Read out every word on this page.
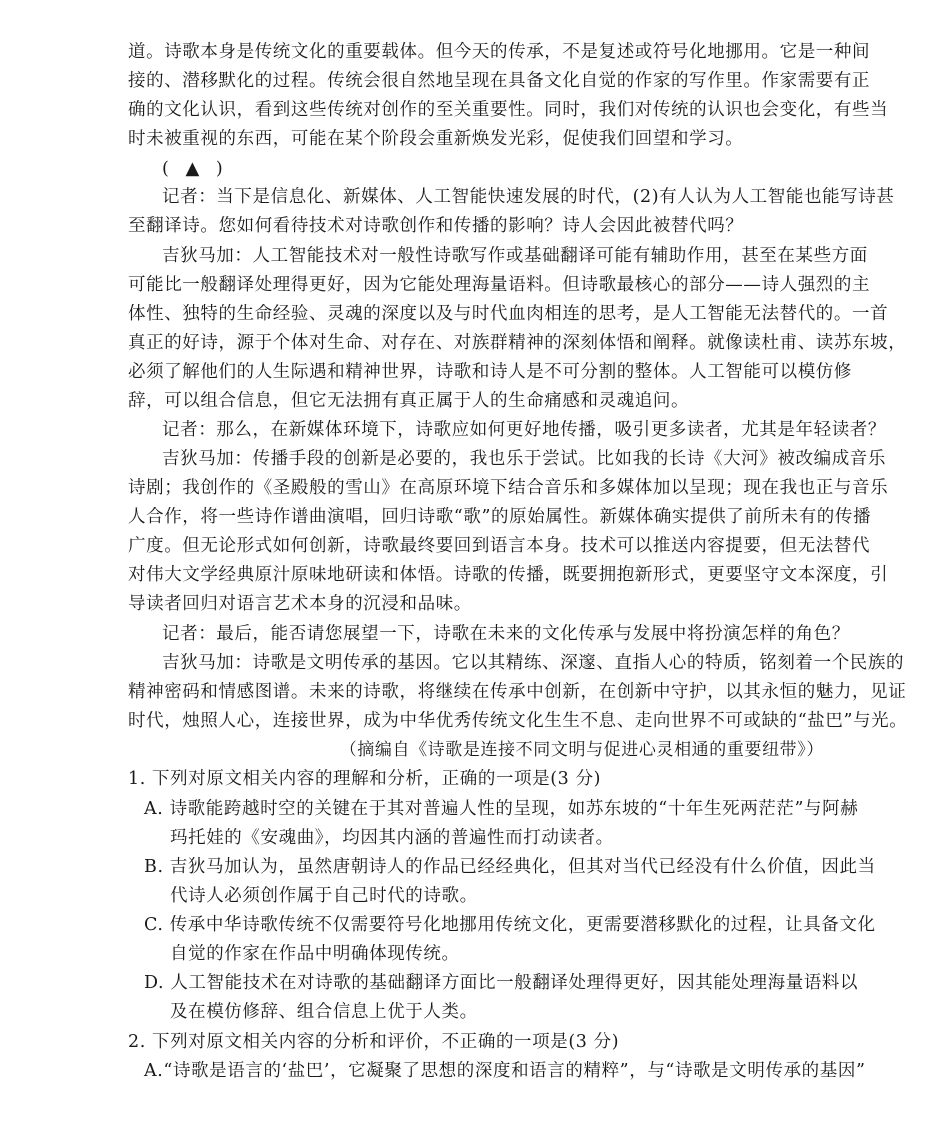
道。诗歌本身是传统文化的重要载体。但今天的传承，不是复述或符号化地挪用。它是一种间
接的、潜移默化的过程。传统会很自然地呈现在具备文化自觉的作家的写作里。作家需要有正
确的文化认识，看到这些传统对创作的至关重要性。同时，我们对传统的认识也会变化，有些当
时未被重视的东西，可能在某个阶段会重新焕发光彩，促使我们回望和学习。
( ▲ )
记者：当下是信息化、新媒体、人工智能快速发展的时代，(2)有人认为人工智能也能写诗甚
至翻译诗。您如何看待技术对诗歌创作和传播的影响？诗人会因此被替代吗？
吉狄马加：人工智能技术对一般性诗歌写作或基础翻译可能有辅助作用，甚至在某些方面
可能比一般翻译处理得更好，因为它能处理海量语料。但诗歌最核心的部分——诗人强烈的主
体性、独特的生命经验、灵魂的深度以及与时代血肉相连的思考，是人工智能无法替代的。一首
真正的好诗，源于个体对生命、对存在、对族群精神的深刻体悟和阐释。就像读杜甫、读苏东坡，
必须了解他们的人生际遇和精神世界，诗歌和诗人是不可分割的整体。人工智能可以模仿修
辞，可以组合信息，但它无法拥有真正属于人的生命痛感和灵魂追问。
记者：那么，在新媒体环境下，诗歌应如何更好地传播，吸引更多读者，尤其是年轻读者？
吉狄马加：传播手段的创新是必要的，我也乐于尝试。比如我的长诗《大河》被改编成音乐
诗剧；我创作的《圣殿般的雪山》在高原环境下结合音乐和多媒体加以呈现；现在我也正与音乐
人合作，将一些诗作谱曲演唱，回归诗歌“歌”的原始属性。新媒体确实提供了前所未有的传播
广度。但无论形式如何创新，诗歌最终要回到语言本身。技术可以推送内容提要，但无法替代
对伟大文学经典原汁原味地研读和体悟。诗歌的传播，既要拥抱新形式，更要坚守文本深度，引
导读者回归对语言艺术本身的沉浸和品味。
记者：最后，能否请您展望一下，诗歌在未来的文化传承与发展中将扮演怎样的角色？
吉狄马加：诗歌是文明传承的基因。它以其精练、深邃、直指人心的特质，铭刻着一个民族的
精神密码和情感图谱。未来的诗歌，将继续在传承中创新，在创新中守护，以其永恒的魅力，见证
时代，烛照人心，连接世界，成为中华优秀传统文化生生不息、走向世界不可或缺的“盐巴”与光。
（摘编自《诗歌是连接不同文明与促进心灵相通的重要纽带》）
1. 下列对原文相关内容的理解和分析，正确的一项是(3 分)
A. 诗歌能跨越时空的关键在于其对普遍人性的呈现，如苏东坡的“十年生死两茫茫”与阿赫
玛托娃的《安魂曲》，均因其内涵的普遍性而打动读者。
B. 吉狄马加认为，虽然唐朝诗人的作品已经经典化，但其对当代已经没有什么价值，因此当
代诗人必须创作属于自己时代的诗歌。
C. 传承中华诗歌传统不仅需要符号化地挪用传统文化，更需要潜移默化的过程，让具备文化
自觉的作家在作品中明确体现传统。
D. 人工智能技术在对诗歌的基础翻译方面比一般翻译处理得更好，因其能处理海量语料以
及在模仿修辞、组合信息上优于人类。
2. 下列对原文相关内容的分析和评价，不正确的一项是(3 分)
A.“诗歌是语言的‘盐巴’，它凝聚了思想的深度和语言的精粹”，与“诗歌是文明传承的基因”
